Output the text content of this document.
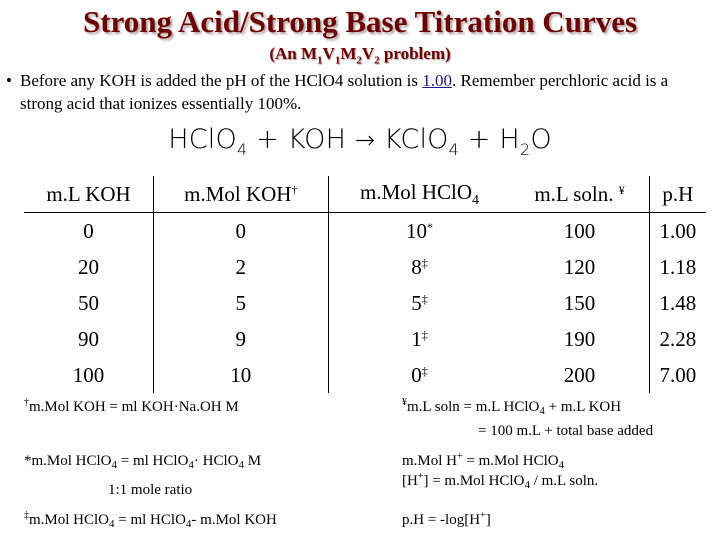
Strong Acid/Strong Base Titration Curves
(An $M_1V_1M_2V_2$ problem)
• Before any KOH is added the pH of the HClO4 solution is 1.00. Remember perchloric acid is a strong acid that ionizes essentially 100%.
HClO$_4$ + KOH → KClO$_4$ + $H_2O$
m.L KOH	m.Mol KOH†	m.Mol HClO$_4$	m.L soln. ¥	p.H
0	0	10*	100	1.00
20	2	8‡	120	1.18
50	5	5‡	150	1.48
90	9	1‡	190	2.28
100	10	0‡	200	7.00
†m.Mol KOH = ml KOH·Na.OH M
*m.Mol HClO$_4$ = ml HClO$_4$· HClO$_4$ M
1:1 mole ratio
‡m.Mol HClO$_4$ = ml HClO$_4$- m.Mol KOH
¥m.L soln = m.L HClO$_4$ + m.L KOH
= 100 m.L + total base added
m.Mol H+ = m.Mol HClO$_4$
[H+] = m.Mol HClO$_4$ / m.L soln.
p.H = -log[H+]
